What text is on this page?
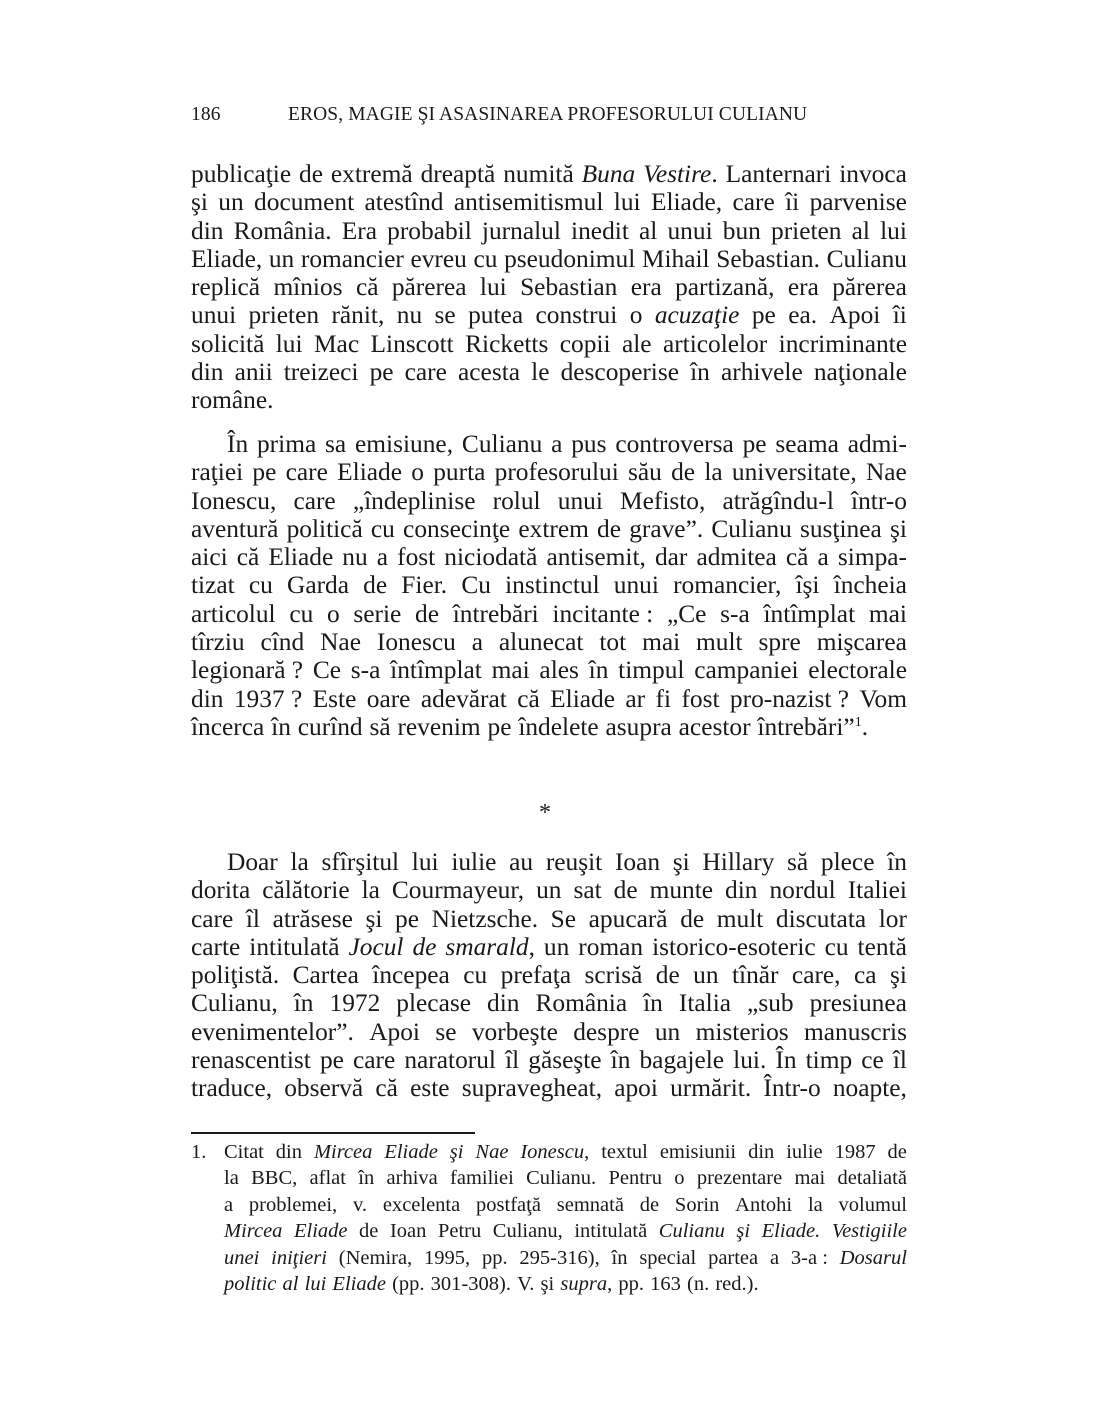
186	EROS, MAGIE ŞI ASASINAREA PROFESORULUI CULIANU
publicaţie de extremă dreaptă numită Buna Vestire. Lanternari invoca
şi un document atestînd antisemitismul lui Eliade, care îi parvenise
din România. Era probabil jurnalul inedit al unui bun prieten al lui
Eliade, un romancier evreu cu pseudonimul Mihail Sebastian. Culianu
replică mînios că părerea lui Sebastian era partizană, era părerea
unui prieten rănit, nu se putea construi o acuzaţie pe ea. Apoi îi
solicită lui Mac Linscott Ricketts copii ale articolelor incriminante
din anii treizeci pe care acesta le descoperise în arhivele naţionale
române.
În prima sa emisiune, Culianu a pus controversa pe seama admi-
raţiei pe care Eliade o purta profesorului său de la universitate, Nae
Ionescu, care „îndeplinise rolul unui Mefisto, atrăgîndu-l într-o
aventură politică cu consecinţe extrem de grave”. Culianu susţinea şi
aici că Eliade nu a fost niciodată antisemit, dar admitea că a simpa-
tizat cu Garda de Fier. Cu instinctul unui romancier, îşi încheia
articolul cu o serie de întrebări incitante : „Ce s-a întîmplat mai
tîrziu cînd Nae Ionescu a alunecat tot mai mult spre mişcarea
legionară ? Ce s-a întîmplat mai ales în timpul campaniei electorale
din 1937 ? Este oare adevărat că Eliade ar fi fost pro-nazist ? Vom
încerca în curînd să revenim pe îndelete asupra acestor întrebări”$^1$.
Doar la sfîrşitul lui iulie au reuşit Ioan şi Hillary să plece în
dorita călătorie la Courmayeur, un sat de munte din nordul Italiei
care îl atrăsese şi pe Nietzsche. Se apucară de mult discutata lor
carte intitulată Jocul de smarald, un roman istorico-esoteric cu tentă
poliţistă. Cartea începea cu prefaţa scrisă de un tînăr care, ca şi
Culianu, în 1972 plecase din România în Italia „sub presiunea
evenimentelor”. Apoi se vorbeşte despre un misterios manuscris
renascentist pe care naratorul îl găseşte în bagajele lui. În timp ce îl
traduce, observă că este supravegheat, apoi urmărit. Într-o noapte,
*
1. Citat din Mircea Eliade şi Nae Ionescu, textul emisiunii din iulie 1987 de
la BBC, aflat în arhiva familiei Culianu. Pentru o prezentare mai detaliată
a problemei, v. excelenta postfaţă semnată de Sorin Antohi la volumul
Mircea Eliade de Ioan Petru Culianu, intitulată Culianu şi Eliade. Vestigiile
unei iniţieri (Nemira, 1995, pp. 295-316), în special partea a 3-a : Dosarul
politic al lui Eliade (pp. 301-308). V. şi supra, pp. 163 (n. red.).
